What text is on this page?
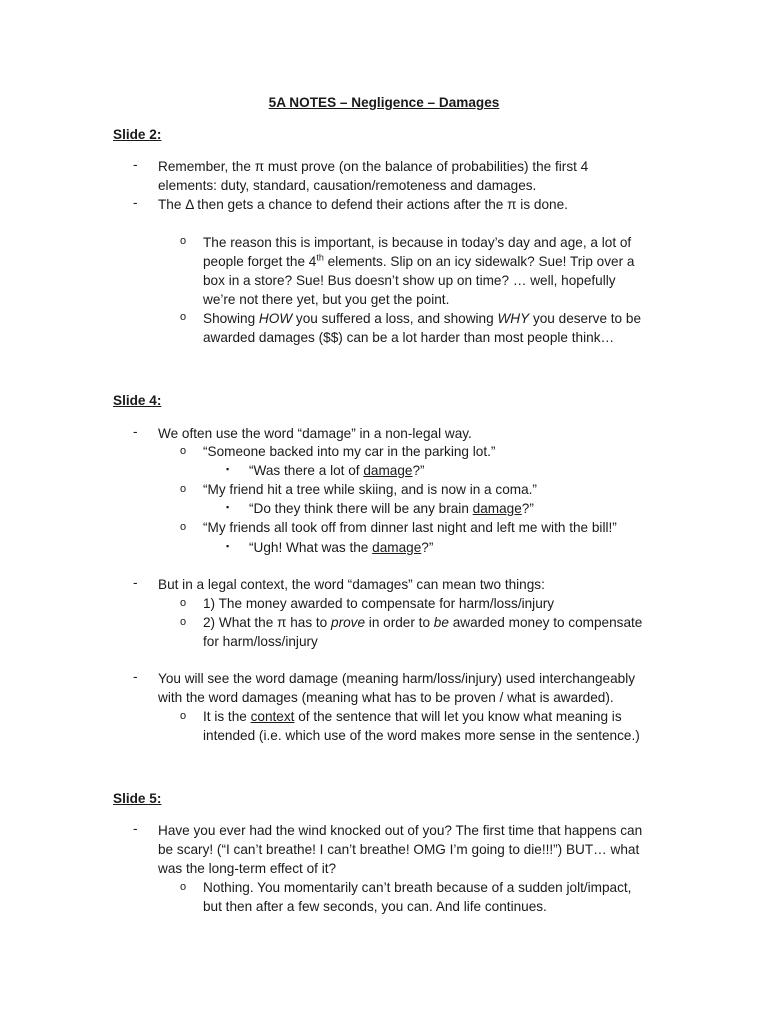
5A NOTES – Negligence – Damages
Slide 2:
- Remember, the π must prove (on the balance of probabilities) the first 4
elements: duty, standard, causation/remoteness and damages.
- The Δ then gets a chance to defend their actions after the π is done.
o The reason this is important, is because in today’s day and age, a lot of
people forget the 4th elements. Slip on an icy sidewalk? Sue! Trip over a
box in a store? Sue! Bus doesn’t show up on time? … well, hopefully
we’re not there yet, but you get the point.
o Showing HOW you suffered a loss, and showing WHY you deserve to be
awarded damages ($$) can be a lot harder than most people think…
Slide 4:
- We often use the word “damage” in a non-legal way.
o “Someone backed into my car in the parking lot.”
▪ “Was there a lot of damage?”
o “My friend hit a tree while skiing, and is now in a coma.”
▪ “Do they think there will be any brain damage?”
o “My friends all took off from dinner last night and left me with the bill!”
▪ “Ugh! What was the damage?”
- But in a legal context, the word “damages” can mean two things:
o 1) The money awarded to compensate for harm/loss/injury
o 2) What the π has to prove in order to be awarded money to compensate
for harm/loss/injury
- You will see the word damage (meaning harm/loss/injury) used interchangeably
with the word damages (meaning what has to be proven / what is awarded).
o It is the context of the sentence that will let you know what meaning is
intended (i.e. which use of the word makes more sense in the sentence.)
Slide 5:
- Have you ever had the wind knocked out of you? The first time that happens can
be scary! (“I can’t breathe! I can’t breathe! OMG I’m going to die!!!”) BUT… what
was the long-term effect of it?
o Nothing. You momentarily can’t breath because of a sudden jolt/impact,
but then after a few seconds, you can. And life continues.
